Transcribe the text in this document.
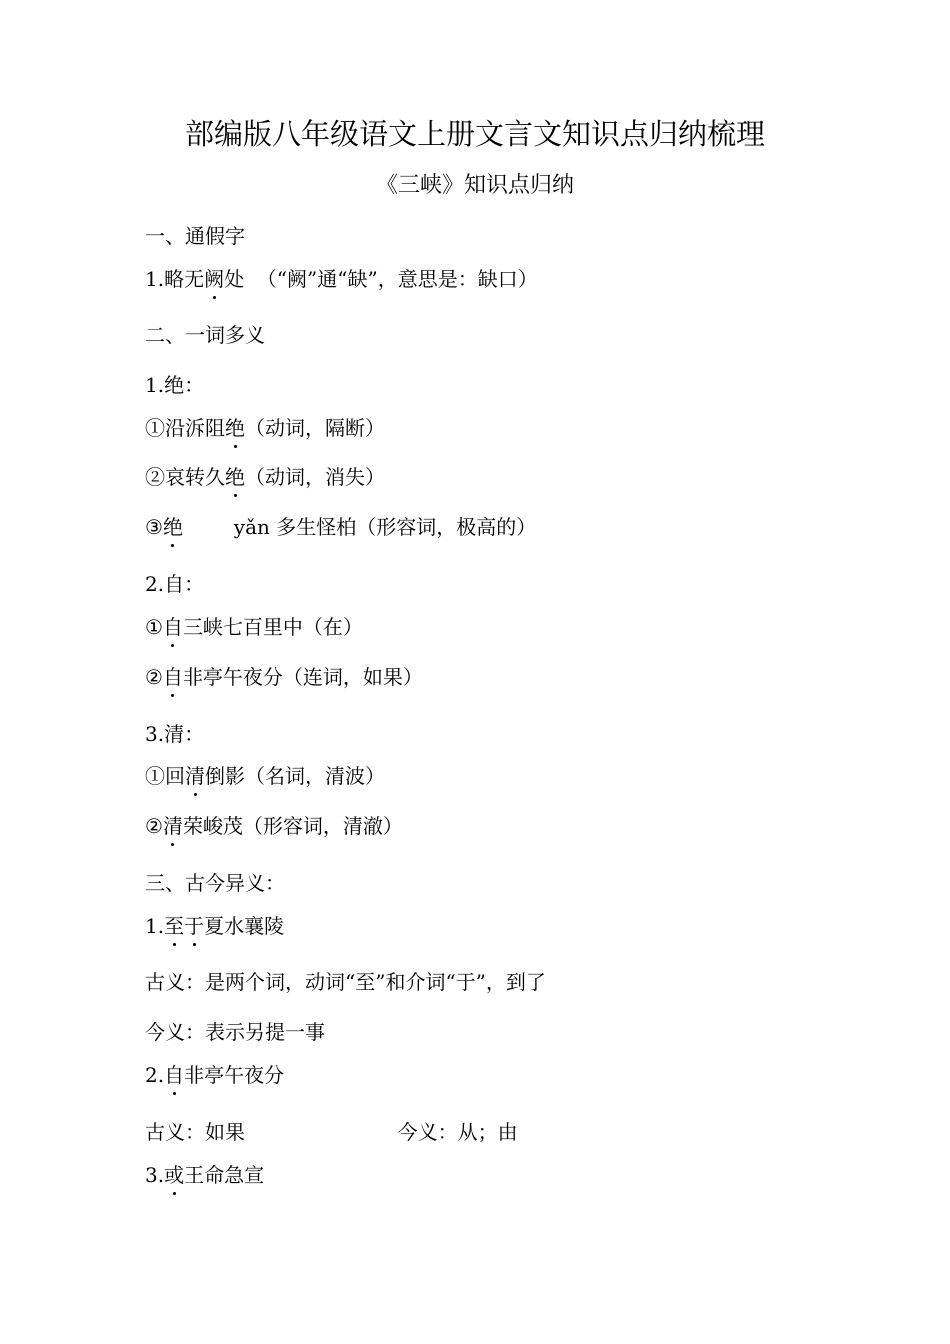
部编版八年级语文上册文言文知识点归纳梳理
《三峡》知识点归纳
一、通假字
1.略无阙处  （“阙”通“缺”，意思是：缺口）
二、一词多义
1.绝：
①沿泝阻绝（动词，隔断）
②哀转久绝（动词，消失）
③绝        yǎn 多生怪柏（形容词，极高的）
2.自：
①自三峡七百里中（在）
②自非亭午夜分（连词，如果）
3.清：
①回清倒影（名词，清波）
②清荣峻茂（形容词，清澈）
三、古今异义：
1.至于夏水襄陵
古义：是两个词，动词“至”和介词“于”，到了
今义：表示另提一事
2.自非亭午夜分
古义：如果                        今义：从；由
3.或王命急宣
